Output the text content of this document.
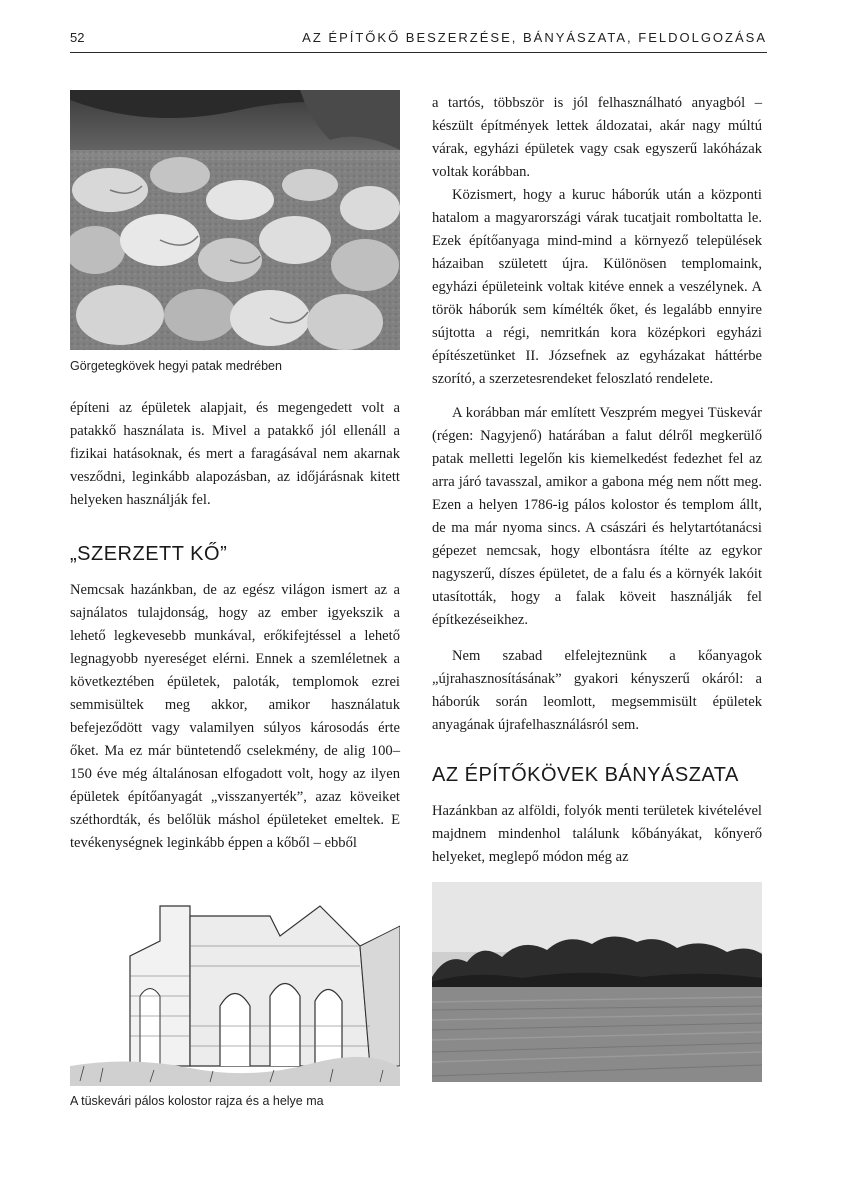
52	AZ ÉPÍTŐKŐ BESZERZÉSE, BÁNYÁSZATA, FELDOLGOZÁSA

Görgetegkövek hegyi patak medrében

építeni az épületek alapjait, és megengedett volt a patakkő használata is. Mivel a patakkő jól ellenáll a fizikai hatásoknak, és mert a faragásával nem akarnak vesződni, leginkább alapozásban, az időjárásnak kitett helyeken használják fel.

„SZERZETT KŐ”

Nemcsak hazánkban, de az egész világon ismert az a sajnálatos tulajdonság, hogy az ember igyekszik a lehető legkevesebb munkával, erőkifejtéssel a lehető legnagyobb nyereséget elérni. Ennek a szemléletnek a következtében épületek, paloták, templomok ezrei semmisültek meg akkor, amikor használatuk befejeződött vagy valamilyen súlyos károsodás érte őket. Ma ez már büntetendő cselekmény, de alig 100–150 éve még általánosan elfogadott volt, hogy az ilyen épületek építőanyagát „visszanyerték”, azaz köveiket széthordták, és belőlük máshol épületeket emeltek. E tevékenységnek leginkább éppen a kőből – ebből

A tüskevári pálos kolostor rajza és a helye ma

a tartós, többször is jól felhasználható anyagból – készült építmények lettek áldozatai, akár nagy múltú várak, egyházi épületek vagy csak egyszerű lakóházak voltak korábban.

Közismert, hogy a kuruc háborúk után a központi hatalom a magyarországi várak tucatjait romboltatta le. Ezek építőanyaga mind-mind a környező települések házaiban született újra. Különösen templomaink, egyházi épületeink voltak kitéve ennek a veszélynek. A török háborúk sem kímélték őket, és legalább ennyire sújtotta a régi, nemritkán kora középkori egyházi építészetünket II. Józsefnek az egyházakat háttérbe szorító, a szerzetesrendeket feloszlató rendelete.

A korábban már említett Veszprém megyei Tüskevár (régen: Nagyjenő) határában a falut délről megkerülő patak melletti legelőn kis kiemelkedést fedezhet fel az arra járó tavasszal, amikor a gabona még nem nőtt meg. Ezen a helyen 1786-ig pálos kolostor és templom állt, de ma már nyoma sincs. A császári és helytartótanácsi gépezet nemcsak, hogy elbontásra ítélte az egykor nagyszerű, díszes épületet, de a falu és a környék lakóit utasították, hogy a falak köveit használják fel építkezéseikhez.

Nem szabad elfelejteznünk a kőanyagok „újrahasznosításának” gyakori kényszerű okáról: a háborúk során leomlott, megsemmisült épületek anyagának újrafelhasználásról sem.

AZ ÉPÍTŐKÖVEK BÁNYÁSZATA

Hazánkban az alföldi, folyók menti területek kivételével majdnem mindenhol találunk kőbányákat, kőnyerő helyeket, meglepő módon még az
